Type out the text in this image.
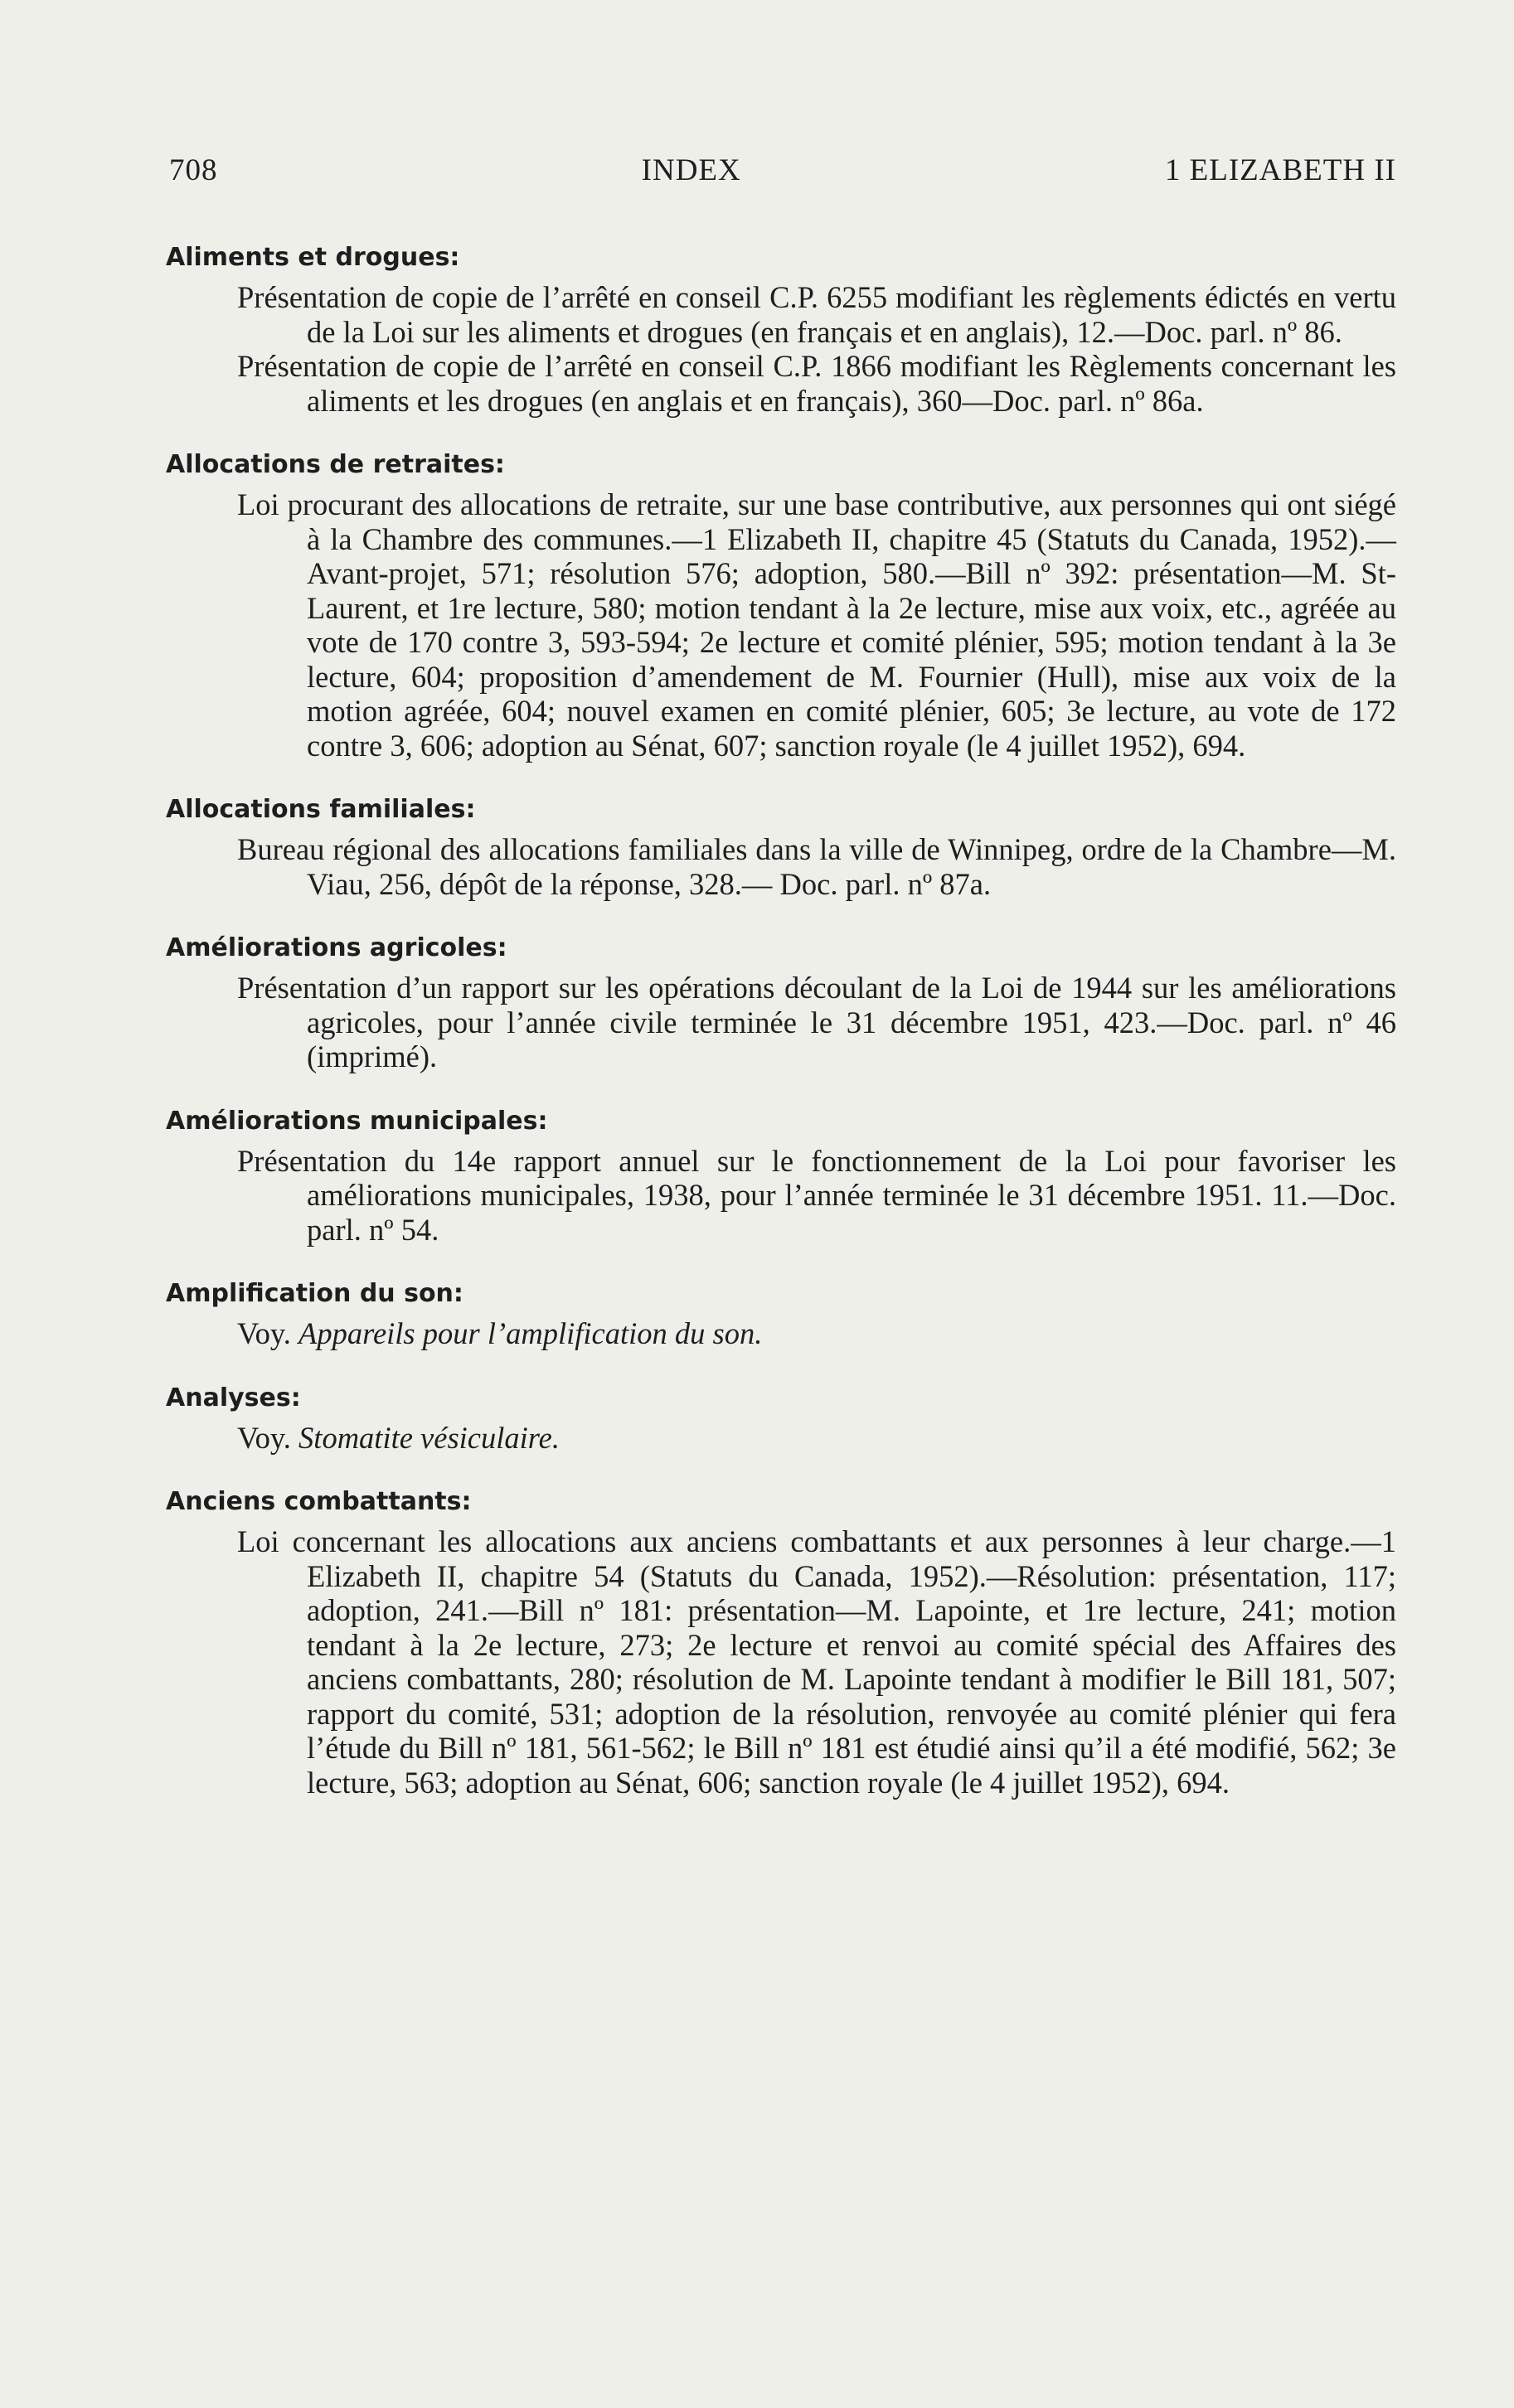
708	INDEX	1 ELIZABETH II
Aliments et drogues:

Présentation de copie de l’arrêté en conseil C.P. 6255 modifiant les règlements édictés en vertu de la Loi sur les aliments et drogues (en français et en anglais), 12.—Doc. parl. nº 86.

Présentation de copie de l’arrêté en conseil C.P. 1866 modifiant les Règlements concernant les aliments et les drogues (en anglais et en français), 360—Doc. parl. nº 86a.

Allocations de retraites:

Loi procurant des allocations de retraite, sur une base contributive, aux personnes qui ont siégé à la Chambre des communes.—1 Elizabeth II, chapitre 45 (Statuts du Canada, 1952).—Avant-projet, 571; résolution 576; adoption, 580.—Bill nº 392: présentation—M. St-Laurent, et 1re lecture, 580; motion tendant à la 2e lecture, mise aux voix, etc., agréée au vote de 170 contre 3, 593-594; 2e lecture et comité plénier, 595; motion tendant à la 3e lecture, 604; proposition d’amendement de M. Fournier (Hull), mise aux voix de la motion agréée, 604; nouvel examen en comité plénier, 605; 3e lecture, au vote de 172 contre 3, 606; adoption au Sénat, 607; sanction royale (le 4 juillet 1952), 694.

Allocations familiales:

Bureau régional des allocations familiales dans la ville de Winnipeg, ordre de la Chambre—M. Viau, 256, dépôt de la réponse, 328.— Doc. parl. nº 87a.

Améliorations agricoles:

Présentation d’un rapport sur les opérations découlant de la Loi de 1944 sur les améliorations agricoles, pour l’année civile terminée le 31 décembre 1951, 423.—Doc. parl. nº 46 (imprimé).

Améliorations municipales:

Présentation du 14e rapport annuel sur le fonctionnement de la Loi pour favoriser les améliorations municipales, 1938, pour l’année terminée le 31 décembre 1951. 11.—Doc. parl. nº 54.

Amplification du son:

Voy. Appareils pour l’amplification du son.

Analyses:

Voy. Stomatite vésiculaire.

Anciens combattants:

Loi concernant les allocations aux anciens combattants et aux personnes à leur charge.—1 Elizabeth II, chapitre 54 (Statuts du Canada, 1952).—Résolution: présentation, 117; adoption, 241.—Bill nº 181: présentation—M. Lapointe, et 1re lecture, 241; motion tendant à la 2e lecture, 273; 2e lecture et renvoi au comité spécial des Affaires des anciens combattants, 280; résolution de M. Lapointe tendant à modifier le Bill 181, 507; rapport du comité, 531; adoption de la résolution, renvoyée au comité plénier qui fera l’étude du Bill nº 181, 561-562; le Bill nº 181 est étudié ainsi qu’il a été modifié, 562; 3e lecture, 563; adoption au Sénat, 606; sanction royale (le 4 juillet 1952), 694.
